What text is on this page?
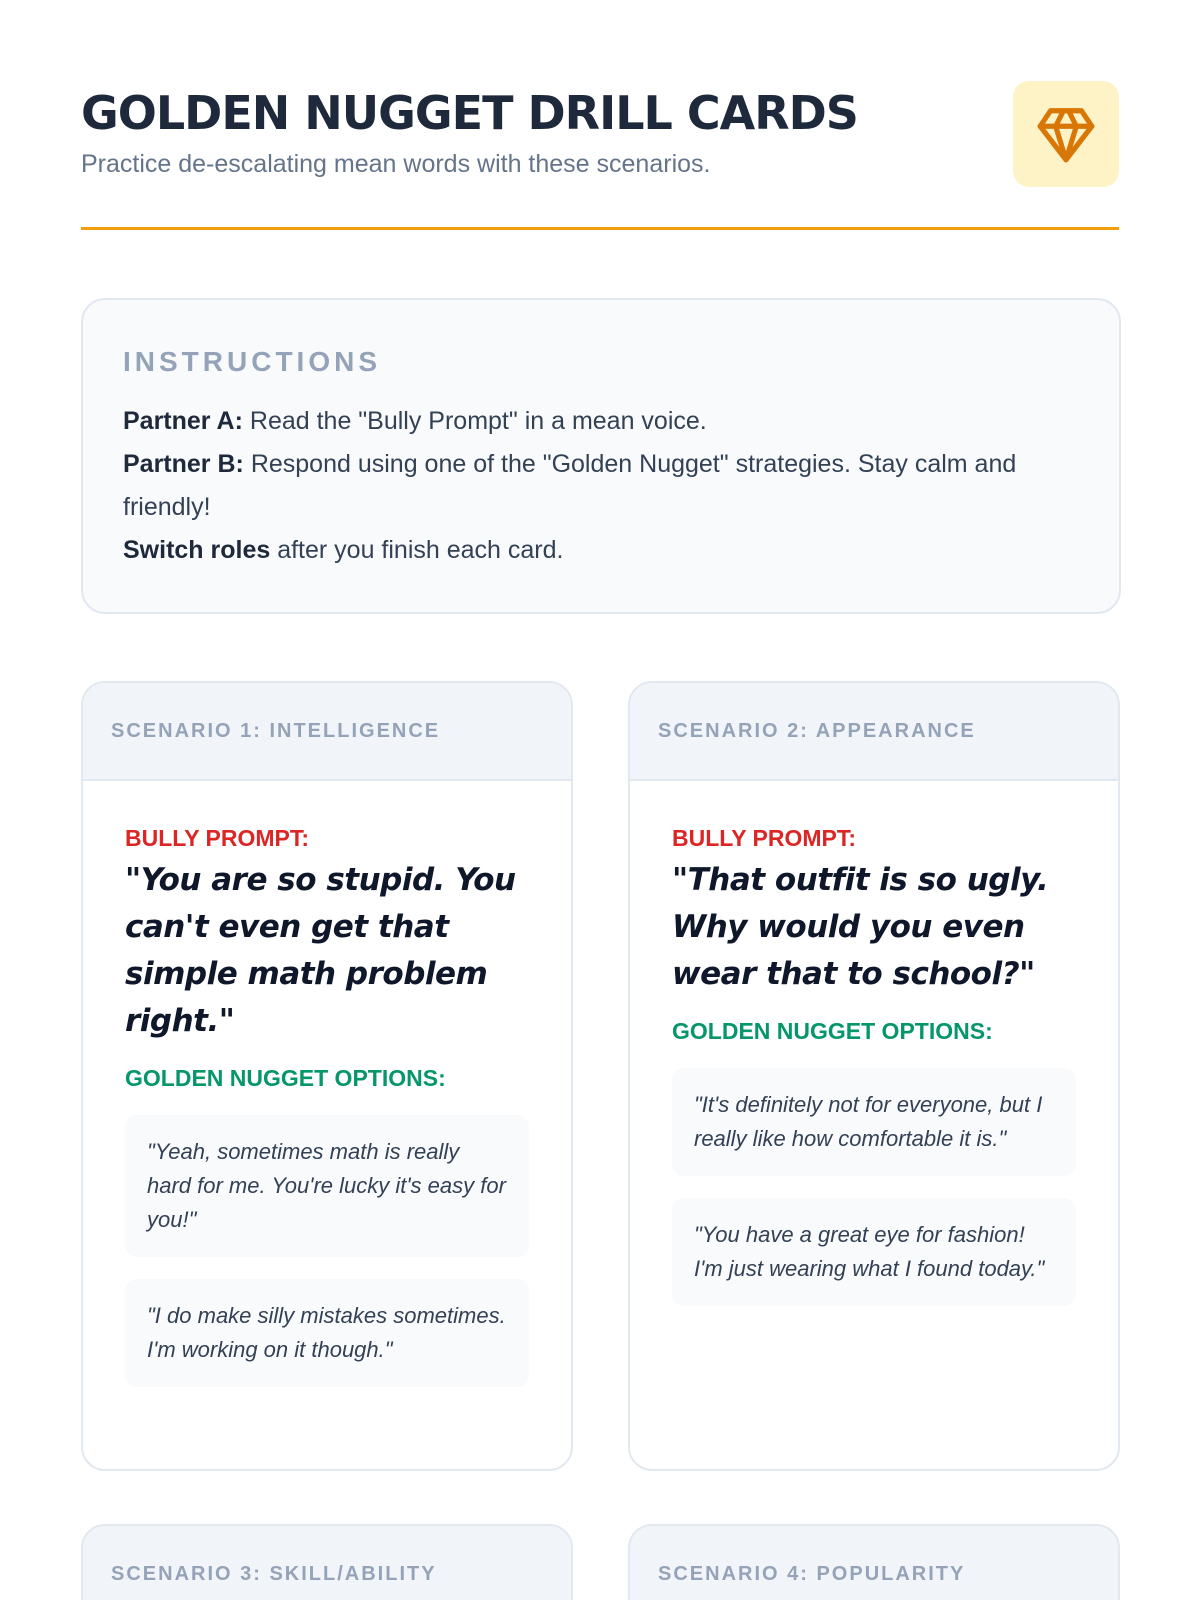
GOLDEN NUGGET DRILL CARDS

Practice de-escalating mean words with these scenarios.

INSTRUCTIONS

Partner A: Read the "Bully Prompt" in a mean voice.

Partner B: Respond using one of the "Golden Nugget" strategies. Stay calm and friendly!

Switch roles after you finish each card.

SCENARIO 1: INTELLIGENCE
BULLY PROMPT:
"You are so stupid. You can't even get that simple math problem right."
GOLDEN NUGGET OPTIONS:
"Yeah, sometimes math is really hard for me. You're lucky it's easy for you!"
"I do make silly mistakes sometimes. I'm working on it though."
SCENARIO 2: APPEARANCE
BULLY PROMPT:
"That outfit is so ugly. Why would you even wear that to school?"
GOLDEN NUGGET OPTIONS:
"It's definitely not for everyone, but I really like how comfortable it is."
"You have a great eye for fashion! I'm just wearing what I found today."
SCENARIO 3: SKILL/ABILITY	SCENARIO 4: POPULARITY
